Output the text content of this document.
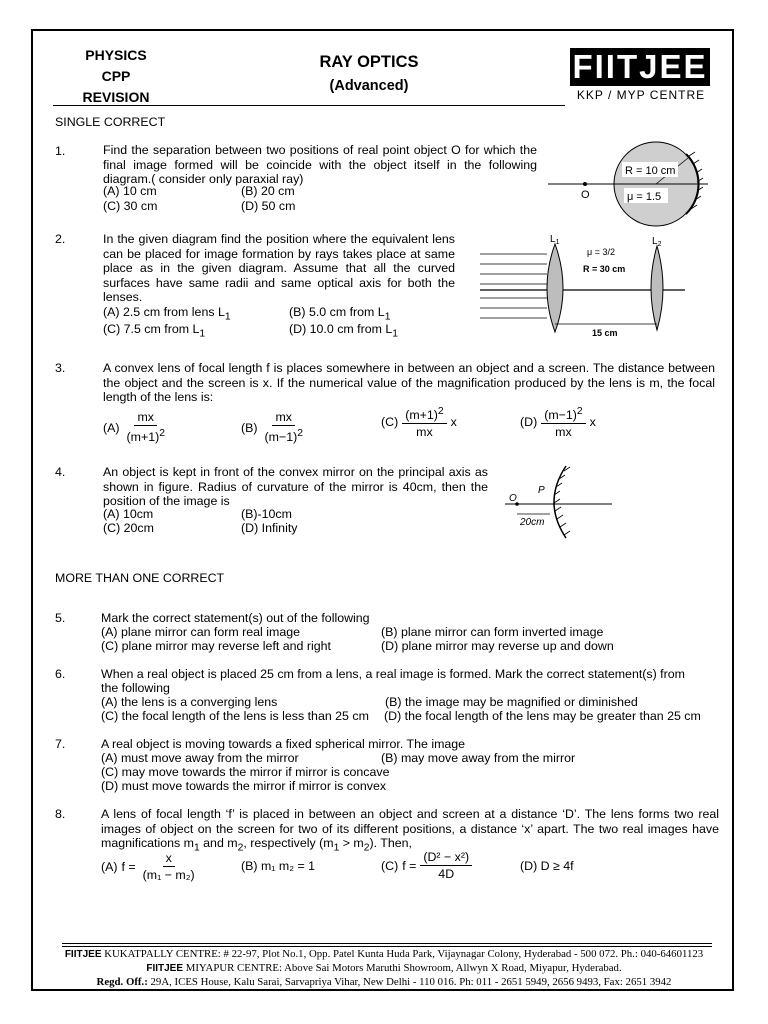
PHYSICS
CPP
REVISION
RAY OPTICS
(Advanced)
FIITJEE
KKP / MYP CENTRE
SINGLE CORRECT
1.	Find the separation between two positions of real point object O for which the final image formed will be coincide with the object itself in the following diagram.( consider only paraxial ray)
(A) 10 cm	(B) 20 cm
(C) 30 cm	(D) 50 cm
R = 10 cm
μ = 1.5
O
2.	In the given diagram find the position where the equivalent lens can be placed for image formation by rays takes place at same place as in the given diagram. Assume that all the curved surfaces have same radii and same optical axis for both the lenses.
(A) 2.5 cm from lens $L_1$	(B) 5.0 cm from $L_1$
(C) 7.5 cm from $L_1$	(D) 10.0 cm from $L_1$
$L_1$	$L_2$
μ = 3/2
R = 30 cm
15 cm
3.	A convex lens of focal length f is places somewhere in between an object and a screen. The distance between the object and the screen is x. If the numerical value of the magnification produced by the lens is m, the focal length of the lens is:
$(A) \frac{mx}{(m+1)^2}$	$(B) \frac{mx}{(m-1)^2}$	$(C) \frac{(m+1)^2}{mx}$ x	$(D) \frac{(m-1)^2}{mx}$ x
4.	An object is kept in front of the convex mirror on the principal axis as shown in figure. Radius of curvature of the mirror is 40cm, then the position of the image is
(A) 10cm	(B)-10cm
(C) 20cm	(D) Infinity
P
O
20cm
MORE THAN ONE CORRECT
5.	Mark the correct statement(s) out of the following
(A) plane mirror can form real image	(B) plane mirror can form inverted image
(C) plane mirror may reverse left and right	(D) plane mirror may reverse up and down
6.	When a real object is placed 25 cm from a lens, a real image is formed. Mark the correct statement(s) from
the following
(A) the lens is a converging lens	(B) the image may be magnified or diminished
(C) the focal length of the lens is less than 25 cm (D) the focal length of the lens may be greater than 25 cm
7.	A real object is moving towards a fixed spherical mirror. The image
(A) must move away from the mirror	(B) may move away from the mirror
(C) may move towards the mirror if mirror is concave
(D) must move towards the mirror if mirror is convex
8.	A lens of focal length ‘f’ is placed in between an object and screen at a distance ‘D’. The lens forms two real images of object on the screen for two of its different positions, a distance ‘x’ apart. The two real images have magnifications $m_1$ and $m_2$, respectively $(m_1 > m_2)$. Then,
(A) $f = \frac{x}{\text{(m₁ − m₂)}}$	(B) m₁ m₂ = 1	(C) $f = \frac{\text{(D² − x²)}}{4D}$	(D) D ≥ 4f
FIITJEE KUKATPALLY CENTRE: # 22-97, Plot No.1, Opp. Patel Kunta Huda Park, Vijaynagar Colony, Hyderabad - 500 072. Ph.: 040-64601123
FIITJEE MIYAPUR CENTRE: Above Sai Motors Maruthi Showroom, Allwyn X Road, Miyapur, Hyderabad.
Regd. Off.: 29A, ICES House, Kalu Sarai, Sarvapriya Vihar, New Delhi - 110 016. Ph: 011 - 2651 5949, 2656 9493, Fax: 2651 3942
